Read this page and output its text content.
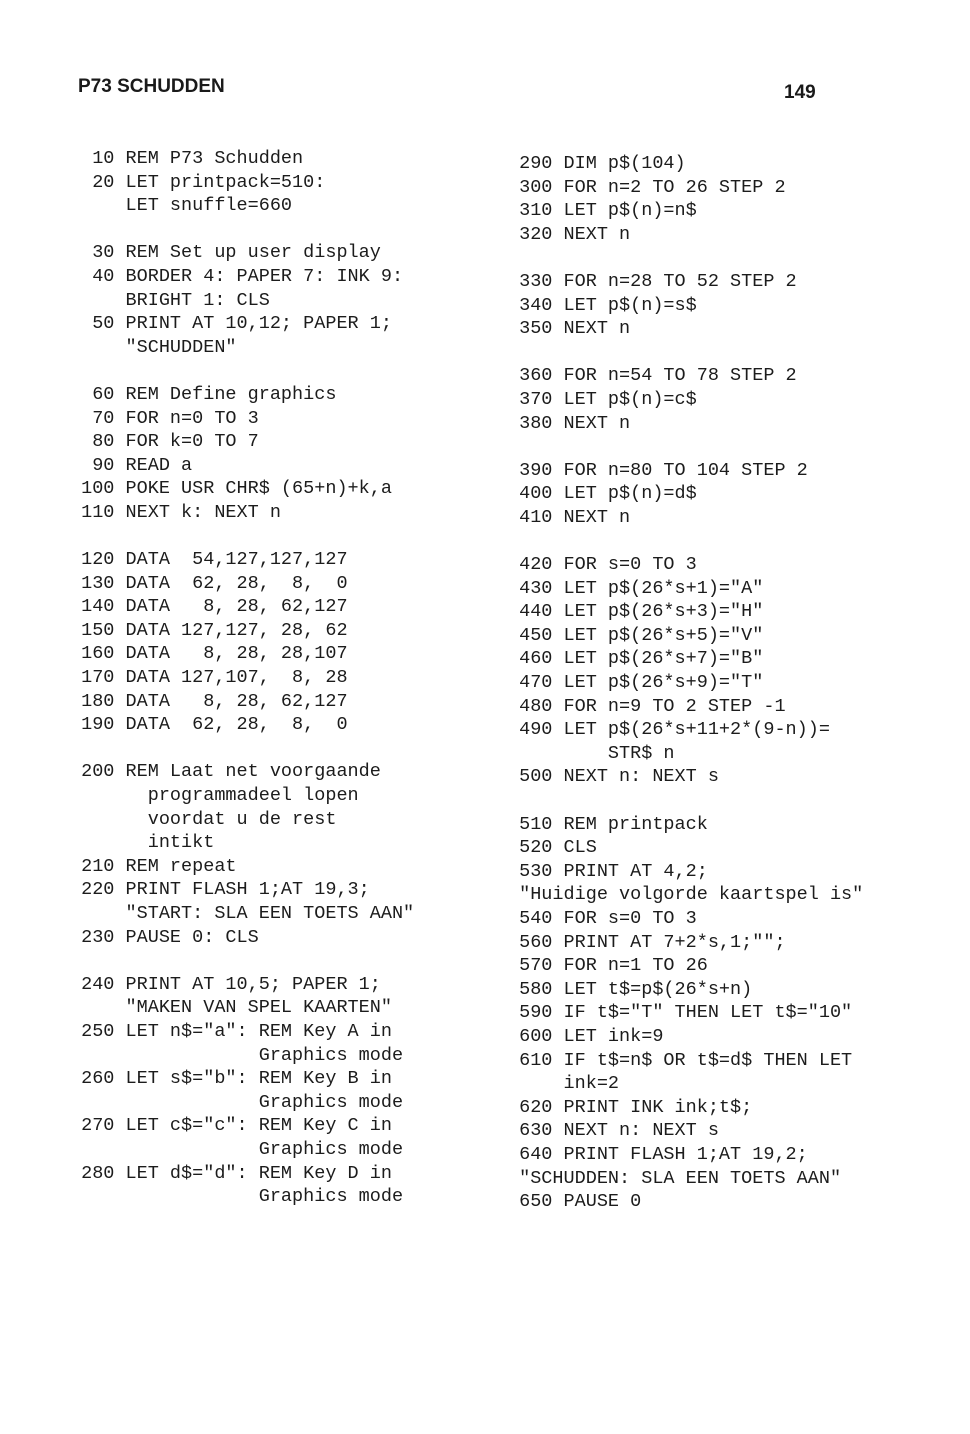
P73 SCHUDDEN	149
10 REM P73 Schudden
20 LET printpack=510:
LET snuffle=660
30 REM Set up user display
40 BORDER 4: PAPER 7: INK 9:
BRIGHT 1: CLS
50 PRINT AT 10,12; PAPER 1;
"SCHUDDEN"
60 REM Define graphics
70 FOR n=0 TO 3
80 FOR k=0 TO 7
90 READ a
100 POKE USR CHR$ (65+n)+k,a
110 NEXT k: NEXT n
120 DATA  54,127,127,127
130 DATA  62, 28,  8,  0
140 DATA   8, 28, 62,127
150 DATA 127,127, 28, 62
160 DATA   8, 28, 28,107
170 DATA 127,107,  8, 28
180 DATA   8, 28, 62,127
190 DATA  62, 28,  8,  0
200 REM Laat net voorgaande
programmadeel lopen
voordat u de rest
intikt
210 REM repeat
220 PRINT FLASH 1;AT 19,3;
"START: SLA EEN TOETS AAN"
230 PAUSE 0: CLS
240 PRINT AT 10,5; PAPER 1;
"MAKEN VAN SPEL KAARTEN"
250 LET n$="a": REM Key A in
Graphics mode
260 LET s$="b": REM Key B in
Graphics mode
270 LET c$="c": REM Key C in
Graphics mode
280 LET d$="d": REM Key D in
Graphics mode
290 DIM p$(104)
300 FOR n=2 TO 26 STEP 2
310 LET p$(n)=n$
320 NEXT n
330 FOR n=28 TO 52 STEP 2
340 LET p$(n)=s$
350 NEXT n
360 FOR n=54 TO 78 STEP 2
370 LET p$(n)=c$
380 NEXT n
390 FOR n=80 TO 104 STEP 2
400 LET p$(n)=d$
410 NEXT n
420 FOR s=0 TO 3
430 LET p$(26*s+1)="A"
440 LET p$(26*s+3)="H"
450 LET p$(26*s+5)="V"
460 LET p$(26*s+7)="B"
470 LET p$(26*s+9)="T"
480 FOR n=9 TO 2 STEP -1
490 LET p$(26*s+11+2*(9-n))=
STR$ n
500 NEXT n: NEXT s
510 REM printpack
520 CLS
530 PRINT AT 4,2;
"Huidige volgorde kaartspel is"
540 FOR s=0 TO 3
560 PRINT AT 7+2*s,1;"";
570 FOR n=1 TO 26
580 LET t$=p$(26*s+n)
590 IF t$="T" THEN LET t$="10"
600 LET ink=9
610 IF t$=n$ OR t$=d$ THEN LET
ink=2
620 PRINT INK ink;t$;
630 NEXT n: NEXT s
640 PRINT FLASH 1;AT 19,2;
"SCHUDDEN: SLA EEN TOETS AAN"
650 PAUSE 0
